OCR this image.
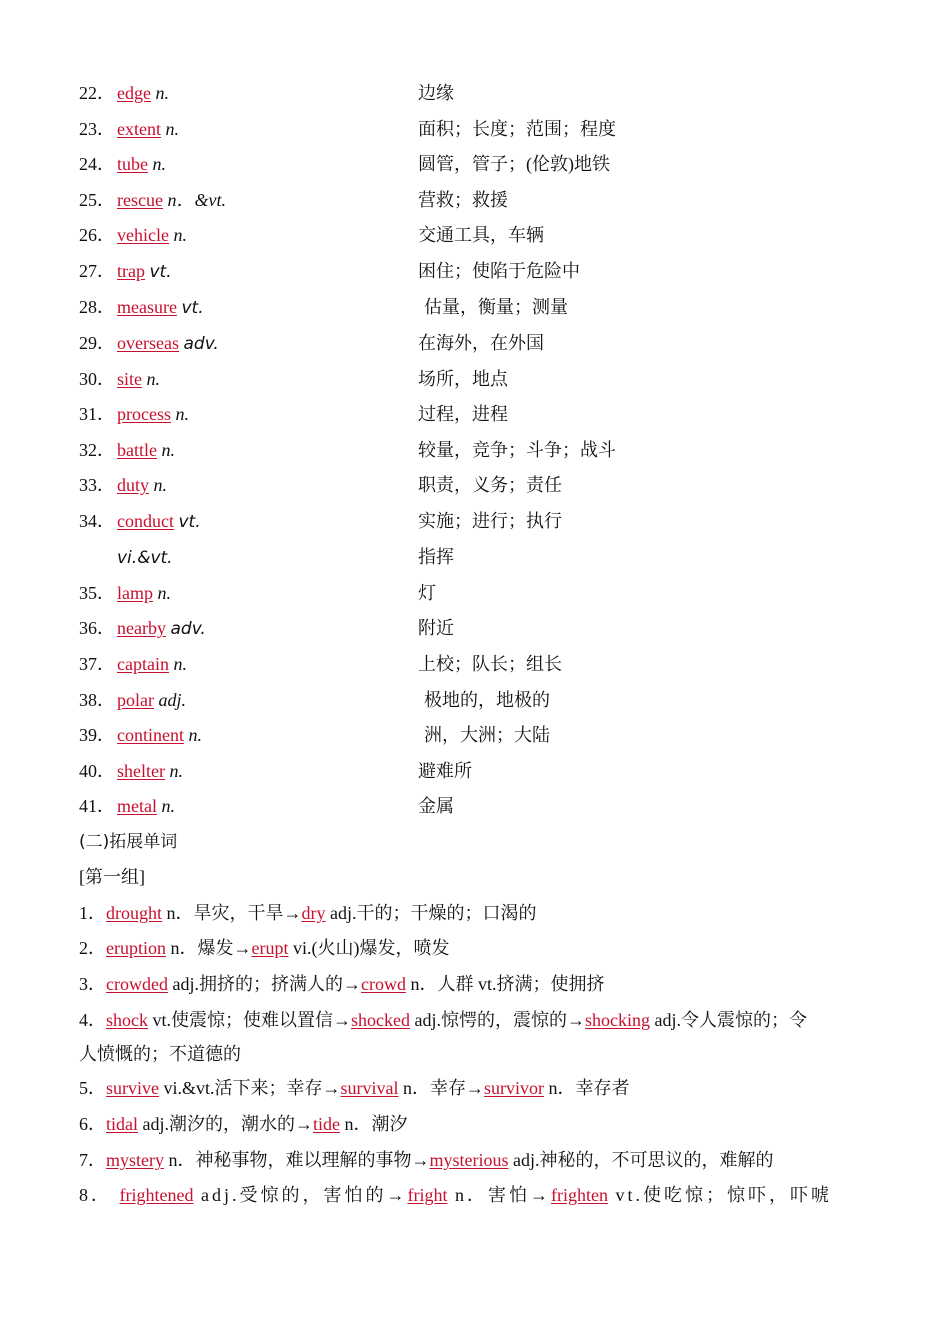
22． edge n.	边缘
23． extent n.	面积；长度；范围；程度
24． tube n.	圆管，管子；(伦敦)地铁
25． rescue n．&vt.	营救；救援
26． vehicle n.	交通工具，车辆
27． trap vt.	困住；使陷于危险中
28． measure vt.	估量，衡量；测量
29． overseas adv.	在海外，在外国
30． site n.	场所，地点
31． process n.	过程，进程
32． battle n.	较量，竞争；斗争；战斗
33． duty n.	职责，义务；责任
34． conduct vt.	实施；进行；执行
vi.&vt.	指挥
35． lamp n.	灯
36． nearby adv.	附近
37． captain n.	上校；队长；组长
38． polar adj.	极地的，地极的
39． continent n.	洲，大洲；大陆
40． shelter n.	避难所
41． metal n.	金属
(二)拓展单词
[第一组]
1．drought n．旱灾，干旱→dry adj.干的；干燥的；口渴的
2．eruption n．爆发→erupt vi.(火山)爆发，喷发
3．crowded adj.拥挤的；挤满人的→crowd n．人群 vt.挤满；使拥挤
4．shock vt.使震惊；使难以置信→shocked adj.惊愕的，震惊的→shocking adj.令人震惊的；令
人愤慨的；不道德的
5．survive vi.&vt.活下来；幸存→survival n．幸存→survivor n．幸存者
6．tidal adj.潮汐的，潮水的→tide n．潮汐
7．mystery n．神秘事物，难以理解的事物→mysterious adj.神秘的，不可思议的，难解的
8． frightened adj.受惊的，害怕的→fright n．害怕→frighten vt.使吃惊；惊吓，吓唬
